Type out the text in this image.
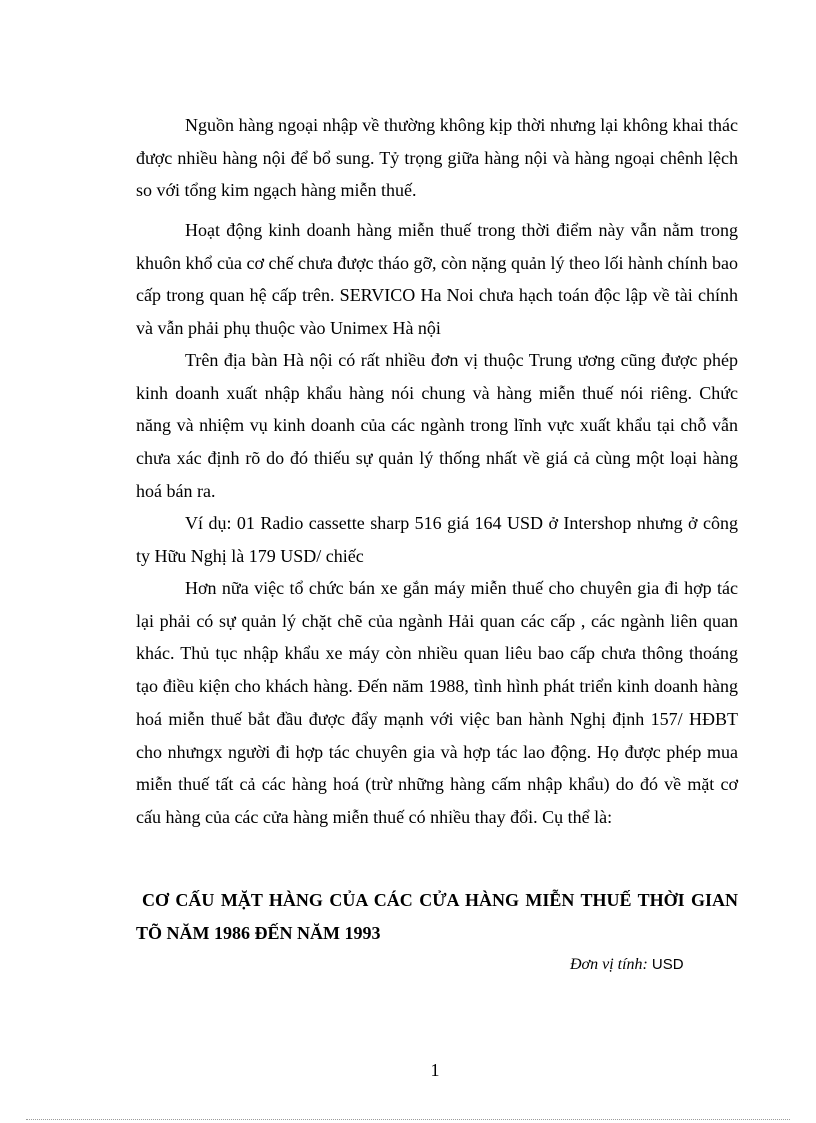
Nguồn hàng ngoại nhập về thường không kịp thời nhưng lại không khai thác được nhiều hàng nội để bổ sung. Tỷ trọng giữa hàng nội và hàng ngoại chênh lệch so với tổng kim ngạch hàng miễn thuế.

Hoạt động kinh doanh hàng miễn thuế trong thời điểm này vẫn nằm trong khuôn khổ của cơ chế chưa được tháo gỡ, còn nặng quản lý theo lối hành chính bao cấp trong quan hệ cấp trên. SERVICO Ha Noi chưa hạch toán độc lập về tài chính và vẫn phải phụ thuộc vào Unimex Hà nội

Trên địa bàn Hà nội có rất nhiều đơn vị thuộc Trung ương cũng được phép kinh doanh xuất nhập khẩu hàng nói chung và hàng miễn thuế nói riêng. Chức năng và nhiệm vụ kinh doanh của các ngành trong lĩnh vực xuất khẩu tại chỗ vẫn chưa xác định rõ do đó thiếu sự quản lý thống nhất về giá cả cùng một loại hàng hoá bán ra.

Ví dụ: 01 Radio cassette sharp 516 giá 164 USD ở Intershop nhưng ở công ty Hữu Nghị là 179 USD/ chiếc

Hơn nữa việc tổ chức bán xe gắn máy miễn thuế cho chuyên gia đi hợp tác lại phải có sự quản lý chặt chẽ của ngành Hải quan các cấp , các ngành liên quan khác. Thủ tục nhập khẩu xe máy còn nhiều quan liêu bao cấp chưa thông thoáng tạo điều kiện cho khách hàng. Đến năm 1988, tình hình phát triển kinh doanh hàng hoá miễn thuế bắt đầu được đẩy mạnh với việc ban hành Nghị định 157/ HĐBT cho nhưngx người đi hợp tác chuyên gia và hợp tác lao động. Họ được phép mua miễn thuế tất cả các hàng hoá (trừ những hàng cấm nhập khẩu) do đó về mặt cơ cấu hàng của các cửa hàng miễn thuế có nhiều thay đổi. Cụ thể là:

CƠ CẤU MẶT HÀNG CỦA CÁC CỬA HÀNG MIỄN THUẾ THỜI GIAN TÕ NĂM 1986 ĐẾN NĂM 1993

Đơn vị tính: USD

1
